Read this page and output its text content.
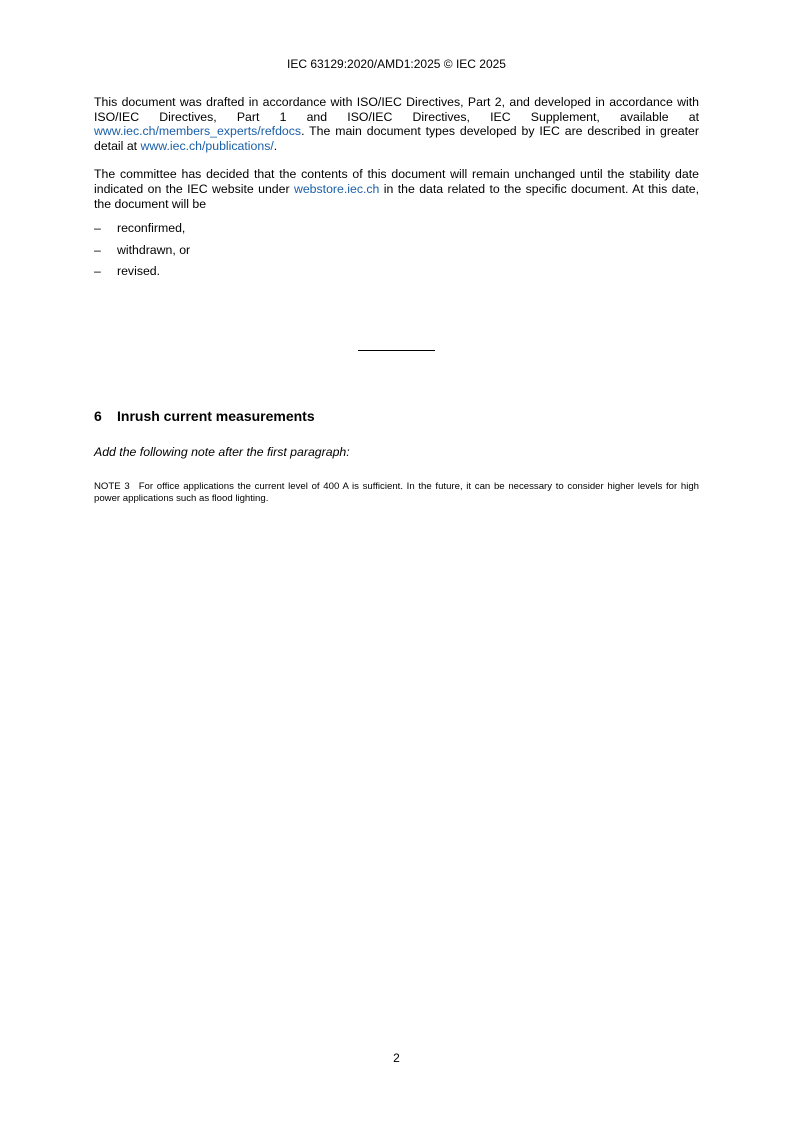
IEC 63129:2020/AMD1:2025 © IEC 2025

This document was drafted in accordance with ISO/IEC Directives, Part 2, and developed in accordance with ISO/IEC Directives, Part 1 and ISO/IEC Directives, IEC Supplement, available at www.iec.ch/members_experts/refdocs. The main document types developed by IEC are described in greater detail at www.iec.ch/publications/.

The committee has decided that the contents of this document will remain unchanged until the stability date indicated on the IEC website under webstore.iec.ch in the data related to the specific document. At this date, the document will be

–	reconfirmed,
–	withdrawn, or
–	revised.
6	Inrush current measurements

Add the following note after the first paragraph:

NOTE 3 For office applications the current level of 400 A is sufficient. In the future, it can be necessary to consider higher levels for high power applications such as flood lighting.

2
